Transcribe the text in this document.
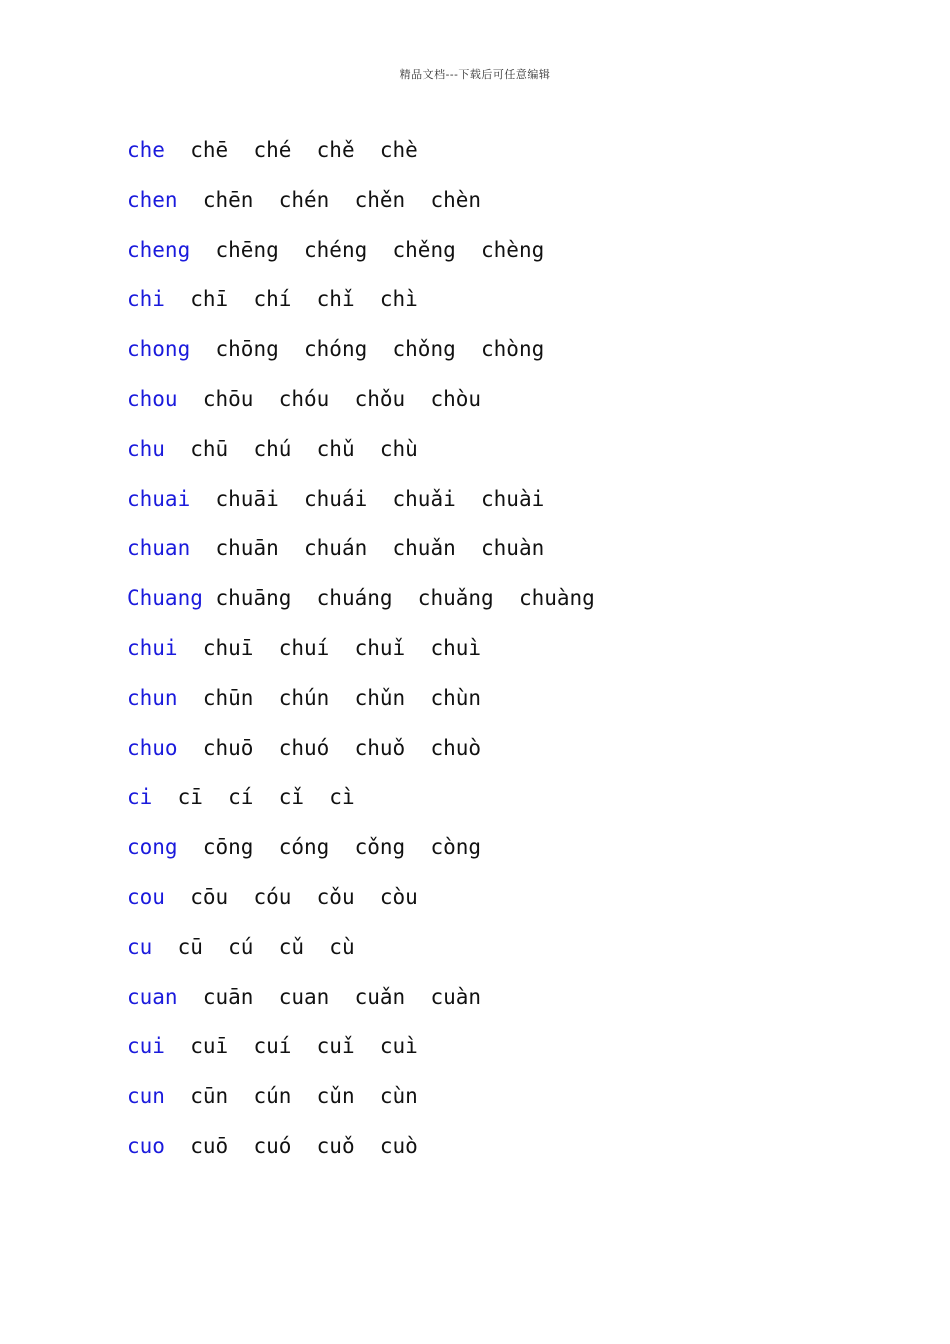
精品文档---下载后可任意编辑
che
chē  ché  chě  chè
chen
chēn  chén  chěn  chèn
cheng
chēng  chéng  chěng  chèng
chi
chī  chí  chǐ  chì
chong
chōng  chóng  chǒng  chòng
chou
chōu  chóu  chǒu  chòu
chu
chū  chú  chǔ  chù
chuai
chuāi  chuái  chuǎi  chuài
chuan
chuān  chuán  chuǎn  chuàn
Chuang
chuāng  chuáng  chuǎng  chuàng
chui
chuī  chuí  chuǐ  chuì
chun
chūn  chún  chǔn  chùn
chuo
chuō  chuó  chuǒ  chuò
ci
cī  cí  cǐ  cì
cong
cōng  cóng  cǒng  còng
cou
cōu  cóu  cǒu  còu
cu
cū  cú  cǔ  cù
cuan
cuān  cuan  cuǎn  cuàn
cui
cuī  cuí  cuǐ  cuì
cun
cūn  cún  cǔn  cùn
cuo
cuō  cuó  cuǒ  cuò
